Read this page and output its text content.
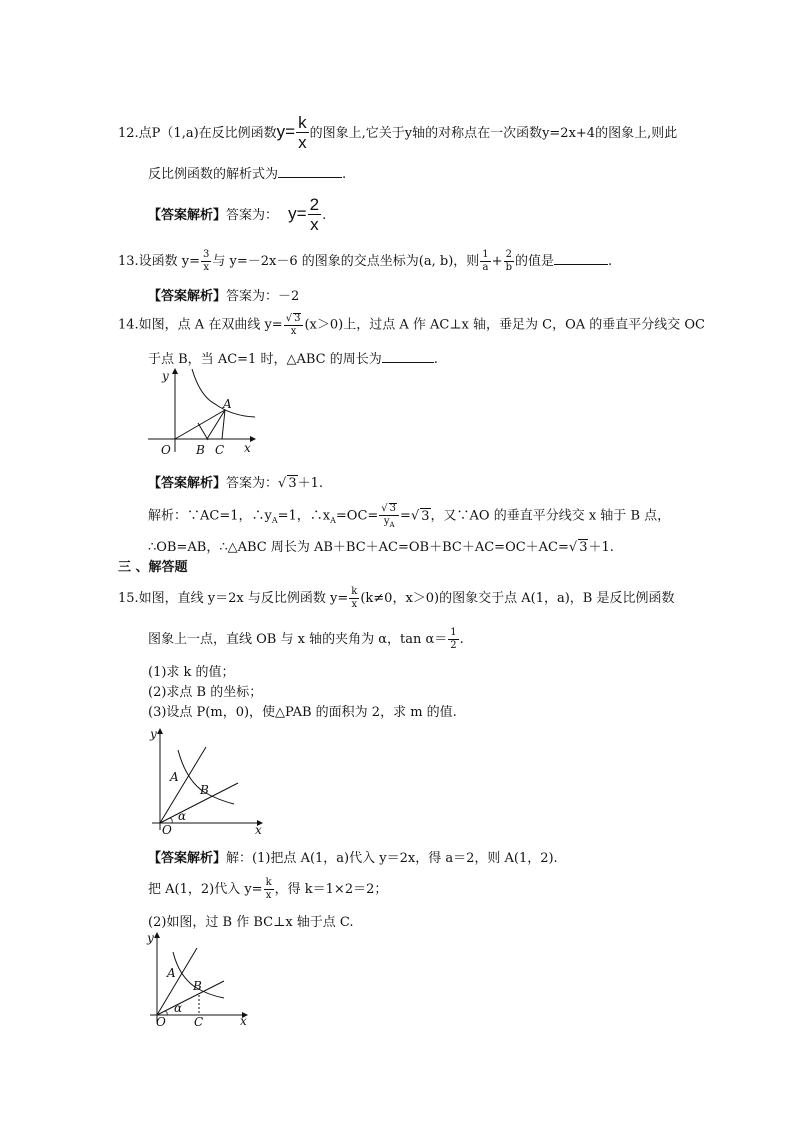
12.点P（1,a)在反比例函数$y= \frac{k}{x}$ 的图象上,它关于y轴的对称点在一次函数y=2x+4的图象上,则此
反比例函数的解析式为	.
【答案解析】答案为： $y= \frac{2}{x}$ .
13.设函数 $y= \frac{3}{x}$ 与 y=－2x－6 的图象的交点坐标为(a, b)，则 $\frac{1}{a} + \frac{2}{b}$ 的值是	.
【答案解析】答案为：－2
14.如图，点 A 在双曲线 $y= \frac{√ 3}{x} (x>0)$上，过点 A 作 AC⊥x 轴，垂足为 C，OA 的垂直平分线交 OC
于点 B，当 AC=1 时，△ABC 的周长为	.
y
A
O B C x
【答案解析】答案为：√ 3＋1.
解析：∵AC=1，$\therefore y_A=1$，$\therefore x_A=OC= \frac{√ 3}{y_A}$ =√ 3，又∵AO 的垂直平分线交 x 轴于 B 点，
∴OB=AB，∴△ABC 周长为 AB＋BC＋AC=OB＋BC＋AC=OC＋AC=√ 3＋1.
三 、解答题
15.如图，直线 y＝2x 与反比例函数 $y= \frac{k}{x} (k\ne 0$，x＞0)的图象交于点 A(1，a)，B 是反比例函数
图象上一点，直线 OB 与 x 轴的夹角为 α，$\tan \alpha= \frac{1}{2}$ .
(1)求 k 的值；
(2)求点 B 的坐标；
(3)设点 P(m，0)，使△PAB 的面积为 2，求 m 的值.
y
A
B
α
O	x
【答案解析】解：(1)把点 A(1，a)代入 y＝2x，得 a＝2，则 A(1，2).
把 A(1，2)代入 $y= \frac{k}{x}$ ，得 k＝1×2＝2；
(2)如图，过 B 作 BC⊥x 轴于点 C.
y
A
B
α
O C	x
